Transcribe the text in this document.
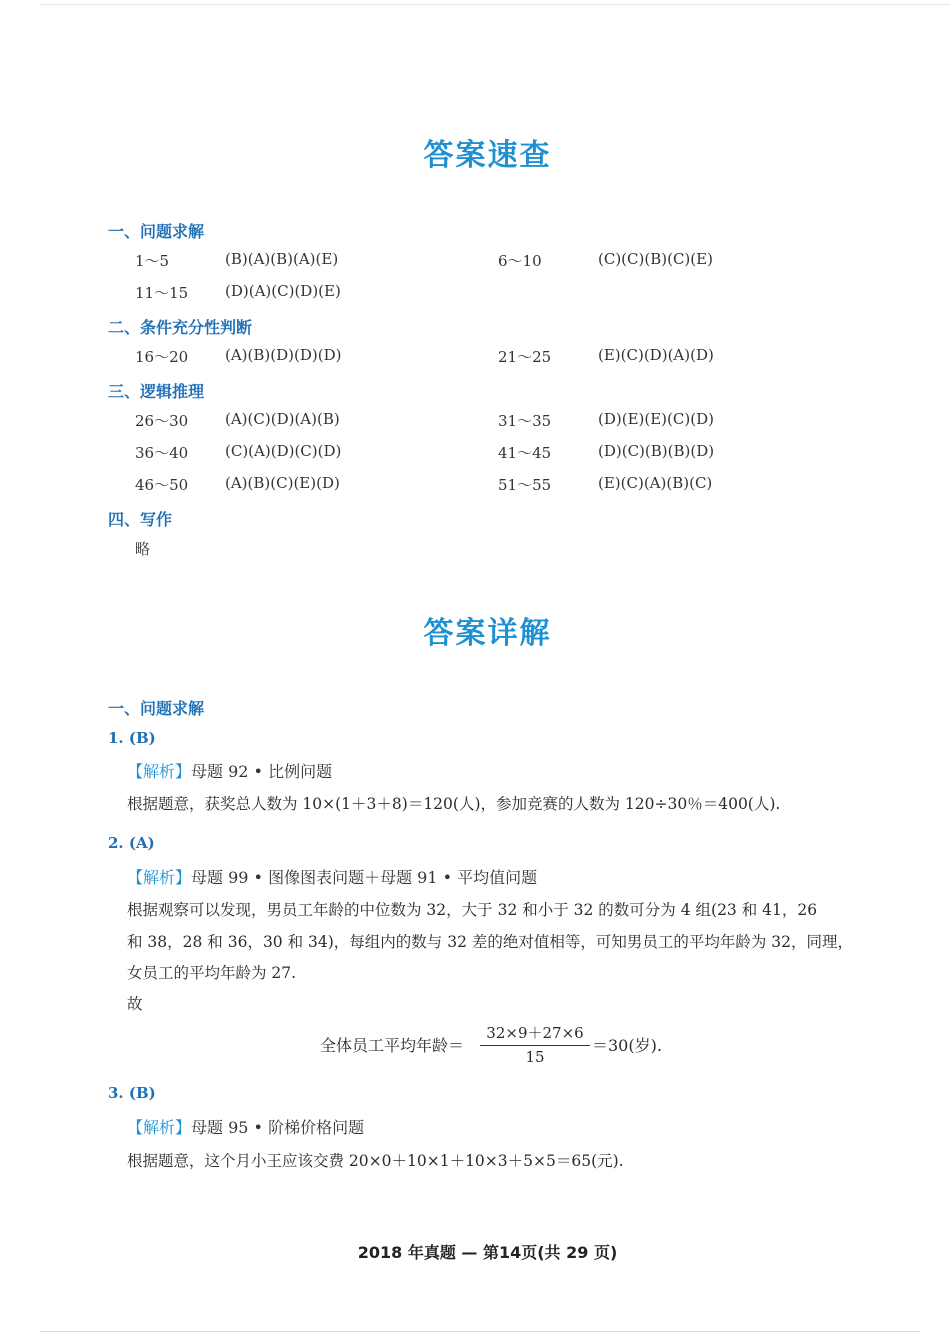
答案速查
一、问题求解
1～5	(B)(A)(B)(A)(E)	6～10	(C)(C)(B)(C)(E)
11～15 (D)(A)(C)(D)(E)
二、条件充分性判断
16～20 (A)(B)(D)(D)(D)	21～25	(E)(C)(D)(A)(D)
三、逻辑推理
26～30 (A)(C)(D)(A)(B)	31～35	(D)(E)(E)(C)(D)
36～40 (C)(A)(D)(C)(D)	41～45	(D)(C)(B)(B)(D)
46～50 (A)(B)(C)(E)(D)	51～55	(E)(C)(A)(B)(C)
四、写作
略
答案详解
一、问题求解
1. (B)
【解析】母题 92 • 比例问题
根据题意，获奖总人数为 10×(1＋3＋8)＝120(人)，参加竞赛的人数为 120÷30％＝400(人).
2. (A)
【解析】母题 99 • 图像图表问题＋母题 91 • 平均值问题
根据观察可以发现，男员工年龄的中位数为 32，大于 32 和小于 32 的数可分为 4 组(23 和 41，26
和 38，28 和 36，30 和 34)，每组内的数与 32 差的绝对值相等，可知男员工的平均年龄为 32，同理，
女员工的平均年龄为 27.
故
全体员工平均年龄＝
32×9＋27×6
15
＝30(岁).
3. (B)
【解析】母题 95 • 阶梯价格问题
根据题意，这个月小王应该交费 20×0＋10×1＋10×3＋5×5＝65(元).
2018 年真题 — 第14页(共 29 页)
